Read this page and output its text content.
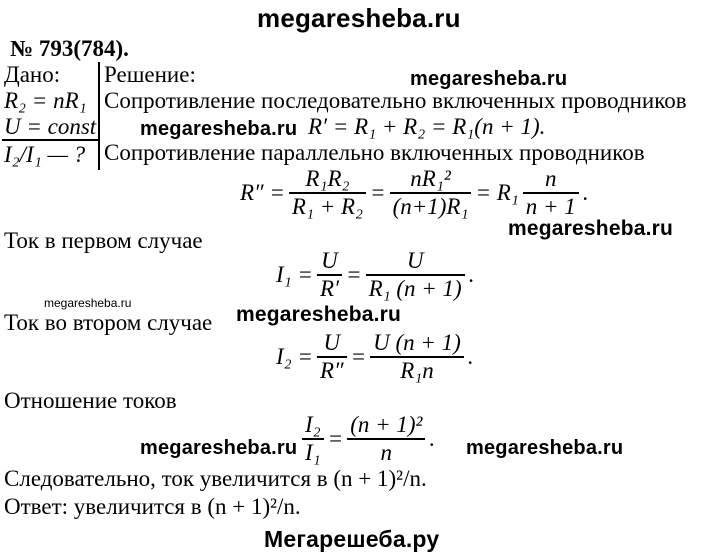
megaresheba.ru
№ 793(784).
Дано:
R₂ = nR₁
U = const
I₂/I₁ — ?
Решение:	megaresheba.ru
Сопротивление последовательно включенных проводников
megaresheba.ru R′ = R₁ + R₂ = R₁(n + 1).
Сопротивление параллельно включенных проводников
$R'' = \frac{\text{R₁R₂}}{\text{R₁ + R₂}} = \frac{\text{nR₁²}}{\text{(n+1)R₁}} = R_1 \frac{n}{n + 1}$ .
megaresheba.ru
Ток в первом случае
$I_1 = \frac{U}{R'} = \frac{U}{\text{R₁ (n + 1)}}$ .
megaresheba.ru
Ток во втором случае megaresheba.ru
$I_2 = \frac{U}{R''} = \frac{U (n + 1)}{\text{R₁n}}$ .
Отношение токов
megaresheba.ru $\frac{\text{I₂}}{\text{I₁}} = \frac{\text{(n + 1)²}}{n}$ . megaresheba.ru
Следовательно, ток увеличится в (n + 1)²/n.
Ответ: увеличится в (n + 1)²/n.
Мегарешеба.ру
